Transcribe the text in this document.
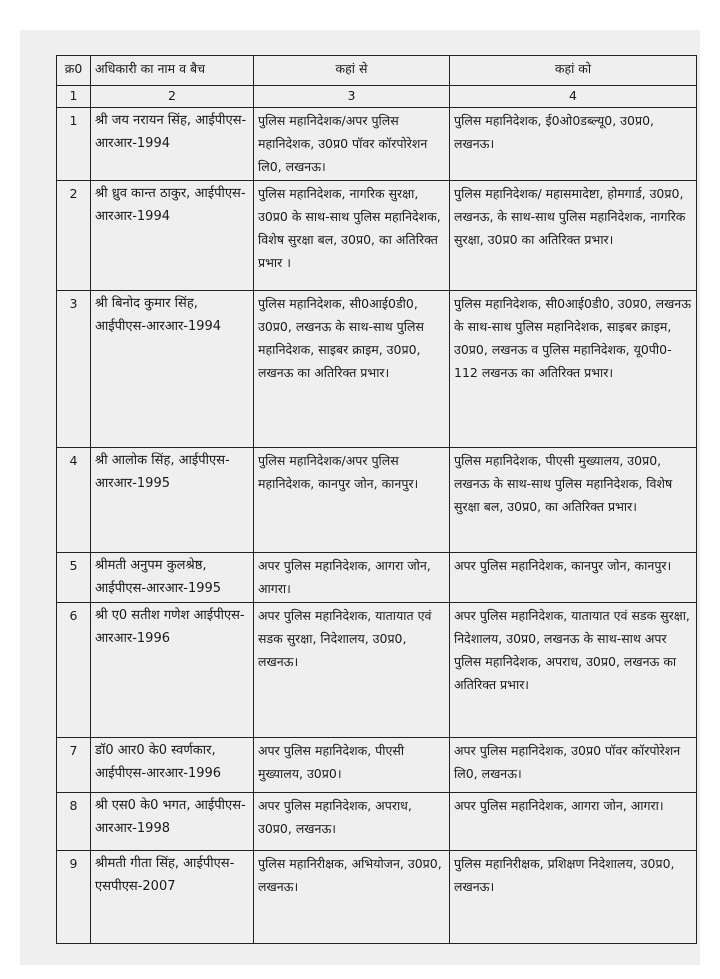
क्र0	अधिकारी का नाम व बैच	कहां से	कहां को
1	2	3	4
1	श्री जय नरायन सिंह, आईपीएस-आरआर-1994	पुलिस महानिदेशक/अपर पुलिस महानिदेशक, उ0प्र0 पॉवर कॉरपोरेशन लि0, लखनऊ।	पुलिस महानिदेशक, ई0ओ0डब्ल्यू0, उ0प्र0, लखनऊ।
2	श्री ध्रुव कान्त ठाकुर, आईपीएस-आरआर-1994	पुलिस महानिदेशक, नागरिक सुरक्षा, उ0प्र0 के साथ-साथ पुलिस महानिदेशक, विशेष सुरक्षा बल, उ0प्र0, का अतिरिक्त प्रभार ।	पुलिस महानिदेशक/ महासमादेष्टा, होमगार्ड, उ0प्र0, लखनऊ, के साथ-साथ पुलिस महानिदेशक, नागरिक सुरक्षा, उ0प्र0 का अतिरिक्त प्रभार।
3	श्री बिनोद कुमार सिंह, आईपीएस-आरआर-1994	पुलिस महानिदेशक, सी0आई0डी0, उ0प्र0, लखनऊ के साथ-साथ पुलिस महानिदेशक, साइबर क्राइम, उ0प्र0, लखनऊ का अतिरिक्त प्रभार।	पुलिस महानिदेशक, सी0आई0डी0, उ0प्र0, लखनऊ के साथ-साथ पुलिस महानिदेशक, साइबर क्राइम, उ0प्र0, लखनऊ व पुलिस महानिदेशक, यू0पी0-112 लखनऊ का अतिरिक्त प्रभार।
4	श्री आलोक सिंह, आईपीएस-आरआर-1995	पुलिस महानिदेशक/अपर पुलिस महानिदेशक, कानपुर जोन, कानपुर।	पुलिस महानिदेशक, पीएसी मुख्यालय, उ0प्र0, लखनऊ के साथ-साथ पुलिस महानिदेशक, विशेष सुरक्षा बल, उ0प्र0, का अतिरिक्त प्रभार।
5	श्रीमती अनुपम कुलश्रेष्ठ, आईपीएस-आरआर-1995	अपर पुलिस महानिदेशक, आगरा जोन, आगरा।	अपर पुलिस महानिदेशक, कानपुर जोन, कानपुर।
6	श्री ए0 सतीश गणेश आईपीएस-आरआर-1996	अपर पुलिस महानिदेशक, यातायात एवं सडक सुरक्षा, निदेशालय, उ0प्र0, लखनऊ।	अपर पुलिस महानिदेशक, यातायात एवं सडक सुरक्षा, निदेशालय, उ0प्र0, लखनऊ के साथ-साथ अपर पुलिस महानिदेशक, अपराध, उ0प्र0, लखनऊ का अतिरिक्त प्रभार।
7	डॉ0 आर0 के0 स्वर्णकार, आईपीएस-आरआर-1996	अपर पुलिस महानिदेशक, पीएसी मुख्यालय, उ0प्र0।	अपर पुलिस महानिदेशक, उ0प्र0 पॉवर कॉरपोरेशन लि0, लखनऊ।
8	श्री एस0 के0 भगत, आईपीएस-आरआर-1998	अपर पुलिस महानिदेशक, अपराध, उ0प्र0, लखनऊ।	अपर पुलिस महानिदेशक, आगरा जोन, आगरा।
9	श्रीमती गीता सिंह, आईपीएस-एसपीएस-2007	पुलिस महानिरीक्षक, अभियोजन, उ0प्र0, लखनऊ।	पुलिस महानिरीक्षक, प्रशिक्षण निदेशालय, उ0प्र0, लखनऊ।
